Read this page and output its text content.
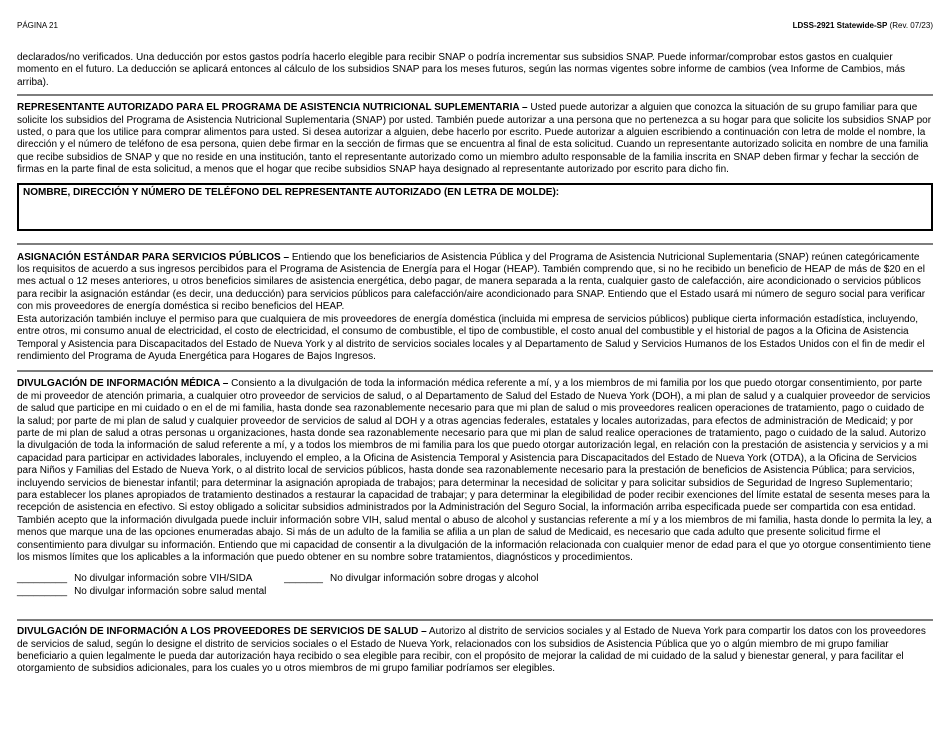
PÁGINA 21	LDSS-2921 Statewide-SP (Rev. 07/23)

declarados/no verificados. Una deducción por estos gastos podría hacerlo elegible para recibir SNAP o podría incrementar sus subsidios SNAP. Puede informar/comprobar estos gastos en cualquier momento en el futuro. La deducción se aplicará entonces al cálculo de los subsidios SNAP para los meses futuros, según las normas vigentes sobre informe de cambios (vea Informe de Cambios, más arriba).

REPRESENTANTE AUTORIZADO PARA EL PROGRAMA DE ASISTENCIA NUTRICIONAL SUPLEMENTARIA – Usted puede autorizar a alguien que conozca la situación de su grupo familiar para que solicite los subsidios del Programa de Asistencia Nutricional Suplementaria (SNAP) por usted. También puede autorizar a una persona que no pertenezca a su hogar para que solicite los subsidios SNAP por usted, o para que los utilice para comprar alimentos para usted. Si desea autorizar a alguien, debe hacerlo por escrito. Puede autorizar a alguien escribiendo a continuación con letra de molde el nombre, la dirección y el número de teléfono de esa persona, quien debe firmar en la sección de firmas que se encuentra al final de esta solicitud. Cuando un representante autorizado solicita en nombre de una familia que recibe subsidios de SNAP y que no reside en una institución, tanto el representante autorizado como un miembro adulto responsable de la familia inscrita en SNAP deben firmar y fechar la sección de firmas en la parte final de esta solicitud, a menos que el hogar que recibe subsidios SNAP haya designado al representante autorizado por escrito para dicho fin.

NOMBRE, DIRECCIÓN Y NÚMERO DE TELÉFONO DEL REPRESENTANTE AUTORIZADO (EN LETRA DE MOLDE):

ASIGNACIÓN ESTÁNDAR PARA SERVICIOS PÚBLICOS – Entiendo que los beneficiarios de Asistencia Pública y del Programa de Asistencia Nutricional Suplementaria (SNAP) reúnen categóricamente los requisitos de acuerdo a sus ingresos percibidos para el Programa de Asistencia de Energía para el Hogar (HEAP). También comprendo que, si no he recibido un beneficio de HEAP de más de $20 en el mes actual o 12 meses anteriores, u otros beneficios similares de asistencia energética, debo pagar, de manera separada a la renta, cualquier gasto de calefacción, aire acondicionado o servicios públicos para recibir la asignación estándar (es decir, una deducción) para servicios públicos para calefacción/aire acondicionado para SNAP. Entiendo que el Estado usará mi número de seguro social para verificar con mis proveedores de energía doméstica si recibo beneficios del HEAP.
Esta autorización también incluye el permiso para que cualquiera de mis proveedores de energía doméstica (incluida mi empresa de servicios públicos) publique cierta información estadística, incluyendo, entre otros, mi consumo anual de electricidad, el costo de electricidad, el consumo de combustible, el tipo de combustible, el costo anual del combustible y el historial de pagos a la Oficina de Asistencia Temporal y Asistencia para Discapacitados del Estado de Nueva York y al distrito de servicios sociales locales y al Departamento de Salud y Servicios Humanos de los Estados Unidos con el fin de medir el rendimiento del Programa de Ayuda Energética para Hogares de Bajos Ingresos.

DIVULGACIÓN DE INFORMACIÓN MÉDICA – Consiento a la divulgación de toda la información médica referente a mí, y a los miembros de mi familia por los que puedo otorgar consentimiento, por parte de mi proveedor de atención primaria, a cualquier otro proveedor de servicios de salud, o al Departamento de Salud del Estado de Nueva York (DOH), a mi plan de salud y a cualquier proveedor de servicios de salud que participe en mi cuidado o en el de mi familia, hasta donde sea razonablemente necesario para que mi plan de salud o mis proveedores realicen operaciones de tratamiento, pago o cuidado de la salud; por parte de mi plan de salud y cualquier proveedor de servicios de salud al DOH y a otras agencias federales, estatales y locales autorizadas, para efectos de administración de Medicaid; y por parte de mi plan de salud a otras personas u organizaciones, hasta donde sea razonablemente necesario para que mi plan de salud realice operaciones de tratamiento, pago o cuidado de la salud. Autorizo la divulgación de toda la información de salud referente a mí, y a todos los miembros de mi familia para los que puedo otorgar autorización legal, en relación con la prestación de asistencia y servicios y a mi capacidad para participar en actividades laborales, incluyendo el empleo, a la Oficina de Asistencia Temporal y Asistencia para Discapacitados del Estado de Nueva York (OTDA), a la Oficina de Servicios para Niños y Familias del Estado de Nueva York, o al distrito local de servicios públicos, hasta donde sea razonablemente necesario para la prestación de beneficios de Asistencia Pública; para servicios, incluyendo servicios de bienestar infantil; para determinar la asignación apropiada de trabajos; para determinar la necesidad de solicitar y para solicitar subsidios de Seguridad de Ingreso Suplementario; para establecer los planes apropiados de tratamiento destinados a restaurar la capacidad de trabajar; y para determinar la elegibilidad de poder recibir exenciones del límite estatal de sesenta meses para la recepción de asistencia en efectivo. Si estoy obligado a solicitar subsidios administrados por la Administración del Seguro Social, la información arriba especificada puede ser compartida con esa entidad. También acepto que la información divulgada puede incluir información sobre VIH, salud mental o abuso de alcohol y sustancias referente a mí y a los miembros de mi familia, hasta donde lo permita la ley, a menos que marque una de las opciones enumeradas abajo. Si más de un adulto de la familia se afilia a un plan de salud de Medicaid, es necesario que cada adulto que presente solicitud firme el consentimiento para divulgar su información. Entiendo que mi capacidad de consentir a la divulgación de la información relacionada con cualquier menor de edad para el que yo otorgue consentimiento tiene los mismos límites que los aplicables a la información que puedo obtener en su nombre sobre tratamientos, diagnósticos y procedimientos.

_________ No divulgar información sobre VIH/SIDA	_______ No divulgar información sobre drogas y alcohol
_________ No divulgar información sobre salud mental

DIVULGACIÓN DE INFORMACIÓN A LOS PROVEEDORES DE SERVICIOS DE SALUD – Autorizo al distrito de servicios sociales y al Estado de Nueva York para compartir los datos con los proveedores de servicios de salud, según lo designe el distrito de servicios sociales o el Estado de Nueva York, relacionados con los subsidios de Asistencia Pública que yo o algún miembro de mi grupo familiar beneficiario a quien legalmente le pueda dar autorización haya recibido o sea elegible para recibir, con el propósito de mejorar la calidad de mi cuidado de la salud y bienestar general, y para facilitar el otorgamiento de subsidios adicionales, para los cuales yo u otros miembros de mi grupo familiar podríamos ser elegibles.
